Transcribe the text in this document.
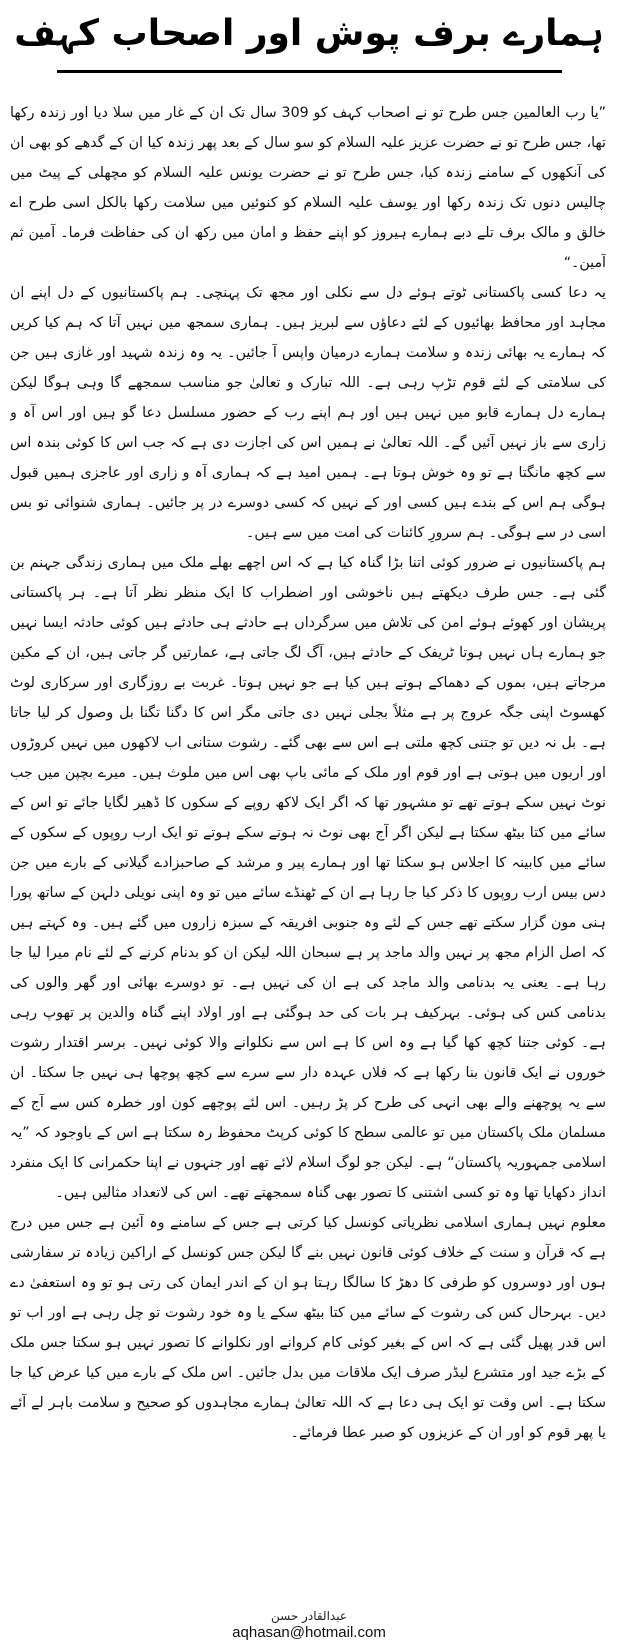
ہمارے برف پوش اور اصحاب کہف

”یا رب العالمین جس طرح تو نے اصحاب کہف کو 309 سال تک ان کے غار میں سلا دیا اور زندہ رکھا تھا، جس طرح تو نے حضرت عزیز علیہ السلام کو سو سال کے بعد پھر زندہ کیا ان کے گدھے کو بھی ان کی آنکھوں کے سامنے زندہ کیا، جس طرح تو نے حضرت یونس علیہ السلام کو مچھلی کے پیٹ میں چالیس دنوں تک زندہ رکھا اور یوسف علیہ السلام کو کنوئیں میں سلامت رکھا بالکل اسی طرح اے خالق و مالک برف تلے دبے ہمارے ہیروز کو اپنے حفظ و امان میں رکھ ان کی حفاظت فرما۔ آمین ثم آمین۔“

یہ دعا کسی پاکستانی ٹوتے ہوئے دل سے نکلی اور مجھ تک پہنچی۔ ہم پاکستانیوں کے دل اپنے ان مجاہد اور محافظ بھائیوں کے لئے دعاؤں سے لبریز ہیں۔ ہماری سمجھ میں نہیں آتا کہ ہم کیا کریں کہ ہمارے یہ بھائی زندہ و سلامت ہمارے درمیان واپس آ جائیں۔ یہ وہ زندہ شہید اور غازی ہیں جن کی سلامتی کے لئے قوم تڑپ رہی ہے۔ اللہ تبارک و تعالیٰ جو مناسب سمجھے گا وہی ہوگا لیکن ہمارے دل ہمارے قابو میں نہیں ہیں اور ہم اپنے رب کے حضور مسلسل دعا گو ہیں اور اس آہ و زاری سے باز نہیں آئیں گے۔ اللہ تعالیٰ نے ہمیں اس کی اجازت دی ہے کہ جب اس کا کوئی بندہ اس سے کچھ مانگتا ہے تو وہ خوش ہوتا ہے۔ ہمیں امید ہے کہ ہماری آہ و زاری اور عاجزی ہمیں قبول ہوگی ہم اس کے بندے ہیں کسی اور کے نہیں کہ کسی دوسرے در پر جائیں۔ ہماری شنوائی تو بس اسی در سے ہوگی۔ ہم سرورِ کائنات کی امت میں سے ہیں۔

ہم پاکستانیوں نے ضرور کوئی اتنا بڑا گناہ کیا ہے کہ اس اچھے بھلے ملک میں ہماری زندگی جہنم بن گئی ہے۔ جس طرف دیکھتے ہیں ناخوشی اور اضطراب کا ایک منظر نظر آتا ہے۔ ہر پاکستانی پریشان اور کھوئے ہوئے امن کی تلاش میں سرگرداں ہے حادثے ہی حادثے ہیں کوئی حادثہ ایسا نہیں جو ہمارے ہاں نہیں ہوتا ٹریفک کے حادثے ہیں، آگ لگ جاتی ہے، عمارتیں گر جاتی ہیں، ان کے مکین مرجاتے ہیں، بموں کے دھماکے ہوتے ہیں کیا ہے جو نہیں ہوتا۔ غربت بے روزگاری اور سرکاری لوٹ کھسوٹ اپنی جگہ عروج پر ہے مثلاً بجلی نہیں دی جاتی مگر اس کا دگنا تگنا بل وصول کر لیا جاتا ہے۔ بل نہ دیں تو جتنی کچھ ملتی ہے اس سے بھی گئے۔ رشوت ستانی اب لاکھوں میں نہیں کروڑوں اور اربوں میں ہوتی ہے اور قوم اور ملک کے مائی باپ بھی اس میں ملوث ہیں۔ میرے بچپن میں جب نوٹ نہیں سکے ہوتے تھے تو مشہور تھا کہ اگر ایک لاکھ روپے کے سکوں کا ڈھیر لگایا جائے تو اس کے سائے میں کتا بیٹھ سکتا ہے لیکن اگر آج بھی نوٹ نہ ہوتے سکے ہوتے تو ایک ارب روپوں کے سکوں کے سائے میں کابینہ کا اجلاس ہو سکتا تھا اور ہمارے پیر و مرشد کے صاحبزادے گیلانی کے بارے میں جن دس بیس ارب روپوں کا ذکر کیا جا رہا ہے ان کے ٹھنڈے سائے میں تو وہ اپنی نویلی دلہن کے ساتھ پورا ہنی مون گزار سکتے تھے جس کے لئے وہ جنوبی افریقہ کے سبزہ زاروں میں گئے ہیں۔ وہ کہتے ہیں کہ اصل الزام مجھ پر نہیں والد ماجد پر ہے سبحان اللہ لیکن ان کو بدنام کرنے کے لئے نام میرا لیا جا رہا ہے۔ یعنی یہ بدنامی والد ماجد کی ہے ان کی نہیں ہے۔ تو دوسرے بھائی اور گھر والوں کی بدنامی کس کی ہوئی۔ بہرکیف ہر بات کی حد ہوگئی ہے اور اولاد اپنے گناہ والدین پر تھوپ رہی ہے۔ کوئی جتنا کچھ کھا گیا ہے وہ اس کا ہے اس سے نکلوانے والا کوئی نہیں۔ برسر اقتدار رشوت خوروں نے ایک قانون بنا رکھا ہے کہ فلاں عہدہ دار سے سرے سے کچھ پوچھا ہی نہیں جا سکتا۔ ان سے یہ پوچھنے والے بھی انہی کی طرح کر پڑ رہیں۔ اس لئے پوچھے کون اور خطرہ کس سے آج کے مسلمان ملک پاکستان میں تو عالمی سطح کا کوئی کرپٹ محفوظ رہ سکتا ہے اس کے باوجود کہ ”یہ اسلامی جمہوریہ پاکستان“ ہے۔ لیکن جو لوگ اسلام لائے تھے اور جنہوں نے اپنا حکمرانی کا ایک منفرد انداز دکھایا تھا وہ تو کسی اشتنی کا تصور بھی گناہ سمجھتے تھے۔ اس کی لاتعداد مثالیں ہیں۔

معلوم نہیں ہماری اسلامی نظریاتی کونسل کیا کرتی ہے جس کے سامنے وہ آئین ہے جس میں درج ہے کہ قرآن و سنت کے خلاف کوئی قانون نہیں بنے گا لیکن جس کونسل کے اراکین زیادہ تر سفارشی ہوں اور دوسروں کو طرفی کا دھڑ کا سالگا رہتا ہو ان کے اندر ایمان کی رتی ہو تو وہ استعفیٰ دے دیں۔ بہرحال کس کی رشوت کے سائے میں کتا بیٹھ سکے یا وہ خود رشوت تو چل رہی ہے اور اب تو اس قدر پھیل گئی ہے کہ اس کے بغیر کوئی کام کروانے اور نکلوانے کا تصور نہیں ہو سکتا جس ملک کے بڑے جید اور متشرع لیڈر صرف ایک ملاقات میں بدل جائیں۔ اس ملک کے بارے میں کیا عرض کیا جا سکتا ہے۔ اس وقت تو ایک ہی دعا ہے کہ اللہ تعالیٰ ہمارے مجاہدوں کو صحیح و سلامت باہر لے آئے یا پھر قوم کو اور ان کے عزیزوں کو صبر عطا فرمائے۔

عبدالقادر حسن
aqhasan@hotmail.com
